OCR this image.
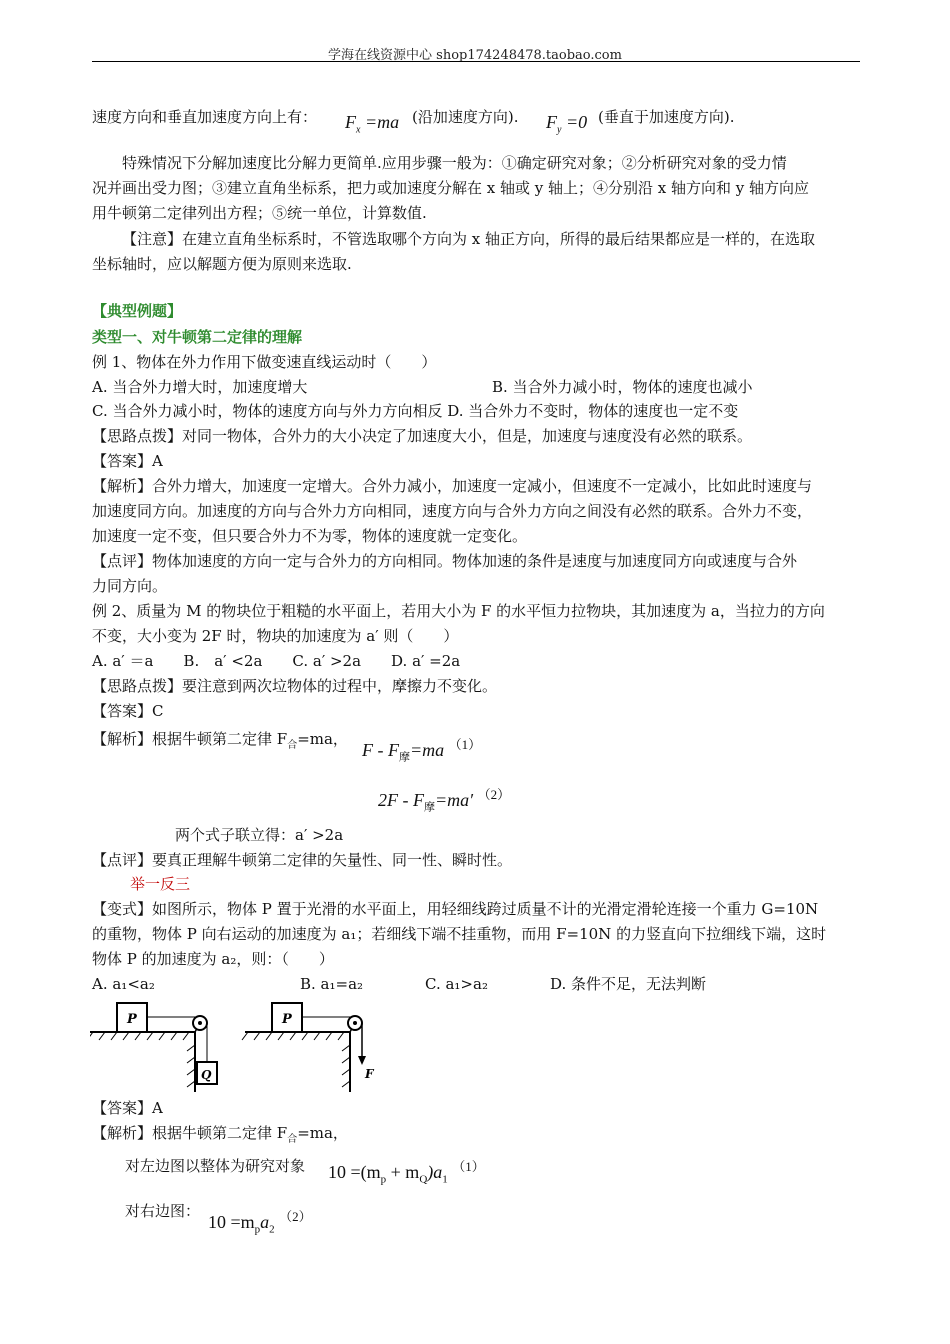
学海在线资源中心 shop174248478.taobao.com
速度方向和垂直加速度方向上有： $F_x =ma$ (沿加速度方向). $F_y =0$ (垂直于加速度方向).
特殊情况下分解加速度比分解力更简单.应用步骤一般为：①确定研究对象；②分析研究对象的受力情
况并画出受力图；③建立直角坐标系，把力或加速度分解在 x 轴或 y 轴上；④分别沿 x 轴方向和 y 轴方向应
用牛顿第二定律列出方程；⑤统一单位，计算数值.
【注意】在建立直角坐标系时，不管选取哪个方向为 x 轴正方向，所得的最后结果都应是一样的，在选取
坐标轴时，应以解题方便为原则来选取.
【典型例题】
类型一、对牛顿第二定律的理解
例 1、物体在外力作用下做变速直线运动时（　　）
A. 当合外力增大时，加速度增大	B. 当合外力减小时，物体的速度也减小
C. 当合外力减小时，物体的速度方向与外力方向相反 D. 当合外力不变时，物体的速度也一定不变
【思路点拨】对同一物体，合外力的大小决定了加速度大小，但是，加速度与速度没有必然的联系。
【答案】A
【解析】合外力增大，加速度一定增大。合外力减小，加速度一定减小，但速度不一定减小，比如此时速度与
加速度同方向。加速度的方向与合外力方向相同，速度方向与合外力方向之间没有必然的联系。合外力不变，
加速度一定不变，但只要合外力不为零，物体的速度就一定变化。
【点评】物体加速度的方向一定与合外力的方向相同。物体加速的条件是速度与加速度同方向或速度与合外
力同方向。
例 2、质量为 M 的物块位于粗糙的水平面上，若用大小为 F 的水平恒力拉物块，其加速度为 a，当拉力的方向
不变，大小变为 2F 时，物块的加速度为 a′ 则（　　）
A. a′ ＝a　　B.　a′ <2a　　C. a′ >2a　　D. a′ =2a
【思路点拨】要注意到两次垃物体的过程中，摩擦力不变化。
【答案】C
【解析】根据牛顿第二定律 $F_合=ma$，
$F - F_摩=ma$ $^{(1)}$
$2F - F_摩=ma'$ $^{(2)}$
两个式子联立得：a′ >2a
【点评】要真正理解牛顿第二定律的矢量性、同一性、瞬时性。
举一反三
【变式】如图所示，物体 P 置于光滑的水平面上，用轻细线跨过质量不计的光滑定滑轮连接一个重力 G=10N
的重物，物体 P 向右运动的加速度为 a₁；若细线下端不挂重物，而用 F=10N 的力竖直向下拉细线下端，这时
物体 P 的加速度为 a₂，则：（　　）
A. a₁<a₂	B. a₁=a₂	C. a₁>a₂	D. 条件不足，无法判断
P
Q
P
F
【答案】A
【解析】根据牛顿第二定律 $F_合=ma$，
对左边图以整体为研究对象 $10 =(m_p + m_Q)a_1$ $^{(1)}$
对右边图：
$10 =m_pa_2$ $^{(2)}$
